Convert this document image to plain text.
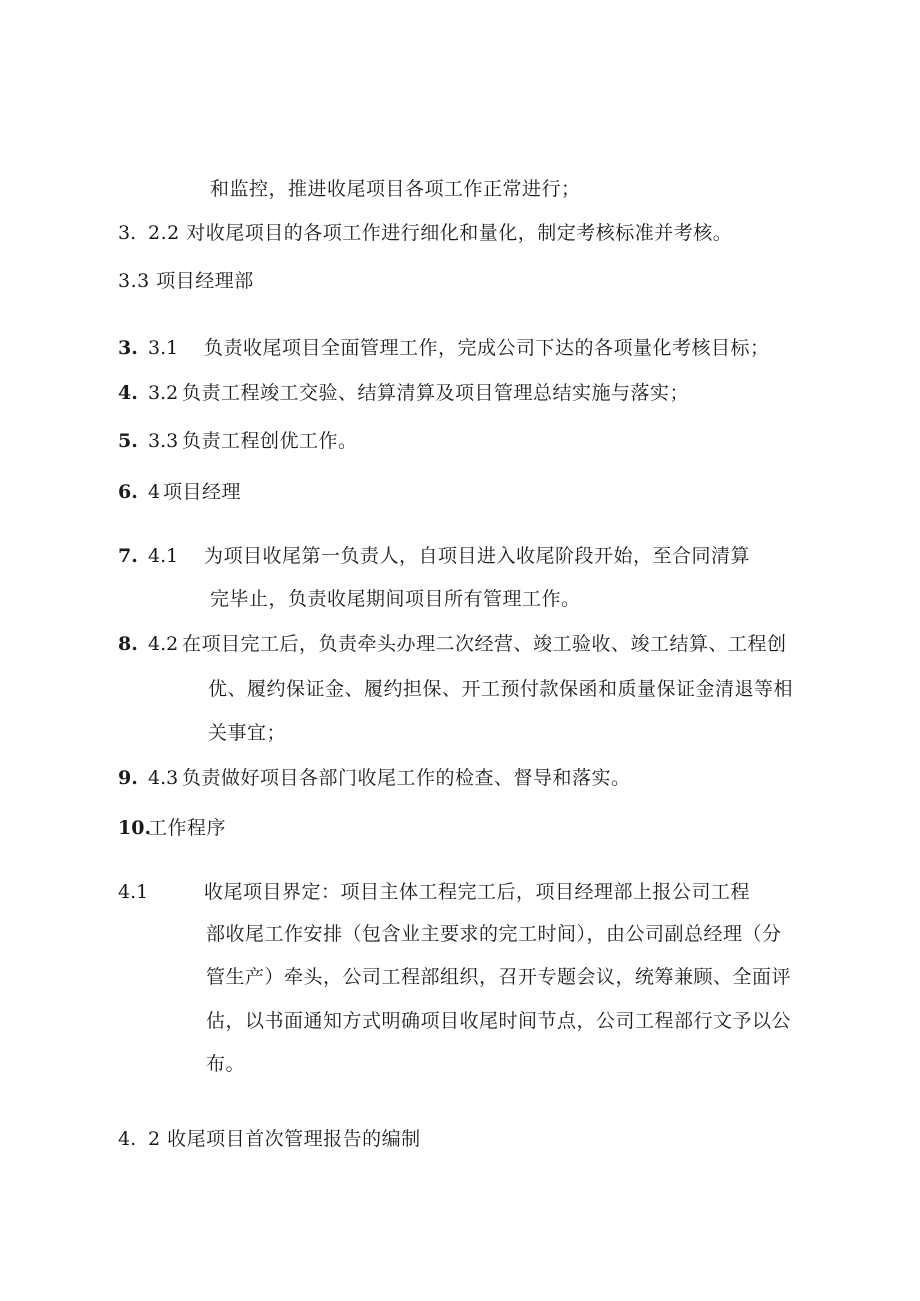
和监控，推进收尾项目各项工作正常进行；
3. 2.2 对收尾项目的各项工作进行细化和量化，制定考核标准并考核。
3.3 项目经理部
3. 3.1 负责收尾项目全面管理工作，完成公司下达的各项量化考核目标；
4. 3.2 负责工程竣工交验、结算清算及项目管理总结实施与落实；
5. 3.3 负责工程创优工作。
6. 4 项目经理
7. 4.1 为项目收尾第一负责人，自项目进入收尾阶段开始，至合同清算
完毕止，负责收尾期间项目所有管理工作。
8. 4.2 在项目完工后，负责牵头办理二次经营、竣工验收、竣工结算、工程创
优、履约保证金、履约担保、开工预付款保函和质量保证金清退等相
关事宜；
9. 4.3 负责做好项目各部门收尾工作的检查、督导和落实。
10.
工作程序
4.1	收尾项目界定：项目主体工程完工后，项目经理部上报公司工程
部收尾工作安排（包含业主要求的完工时间），由公司副总经理（分
管生产）牵头，公司工程部组织，召开专题会议，统筹兼顾、全面评
估，以书面通知方式明确项目收尾时间节点，公司工程部行文予以公
布。
4. 2 收尾项目首次管理报告的编制
